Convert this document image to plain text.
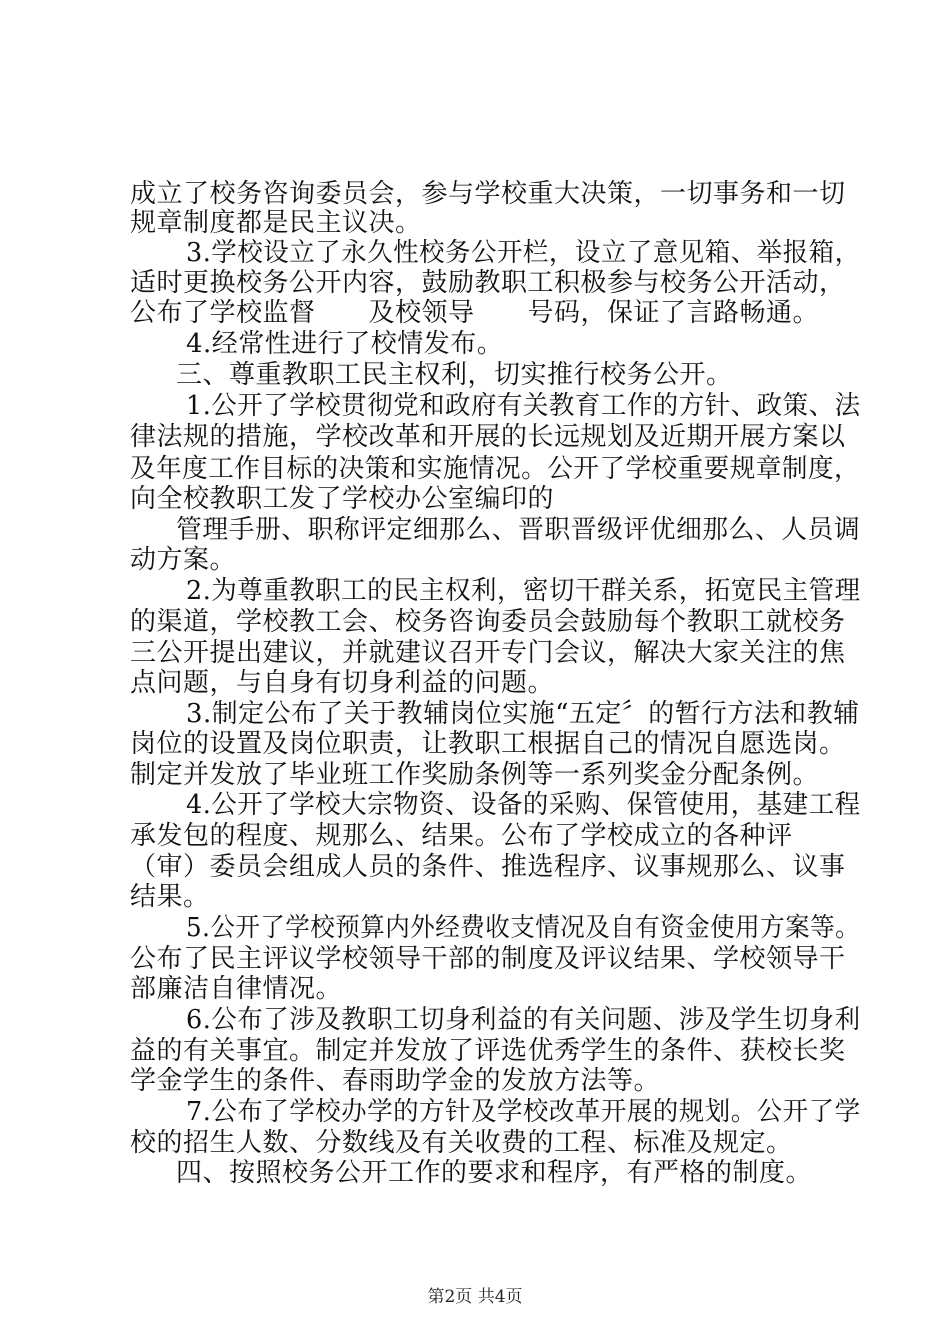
成立了校务咨询委员会，参与学校重大决策，一切事务和一切

规章制度都是民主议决。

3.学校设立了永久性校务公开栏，设立了意见箱、举报箱，

适时更换校务公开内容，鼓励教职工积极参与校务公开活动，

公布了学校监督　　及校领导　　号码，保证了言路畅通。

4.经常性进行了校情发布。

三、尊重教职工民主权利，切实推行校务公开。

1.公开了学校贯彻党和政府有关教育工作的方针、政策、法

律法规的措施，学校改革和开展的长远规划及近期开展方案以

及年度工作目标的决策和实施情况。公开了学校重要规章制度，

向全校教职工发了学校办公室编印的

管理手册、职称评定细那么、晋职晋级评优细那么、人员调

动方案。

2.为尊重教职工的民主权利，密切干群关系，拓宽民主管理

的渠道，学校教工会、校务咨询委员会鼓励每个教职工就校务

三公开提出建议，并就建议召开专门会议，解决大家关注的焦

点问题，与自身有切身利益的问题。

3.制定公布了关于教辅岗位实施“五定〞的暂行方法和教辅

岗位的设置及岗位职责，让教职工根据自己的情况自愿选岗。

制定并发放了毕业班工作奖励条例等一系列奖金分配条例。

4.公开了学校大宗物资、设备的采购、保管使用，基建工程

承发包的程度、规那么、结果。公布了学校成立的各种评

（审）委员会组成人员的条件、推选程序、议事规那么、议事

结果。

5.公开了学校预算内外经费收支情况及自有资金使用方案等。

公布了民主评议学校领导干部的制度及评议结果、学校领导干

部廉洁自律情况。

6.公布了涉及教职工切身利益的有关问题、涉及学生切身利

益的有关事宜。制定并发放了评选优秀学生的条件、获校长奖

学金学生的条件、春雨助学金的发放方法等。

7.公布了学校办学的方针及学校改革开展的规划。公开了学

校的招生人数、分数线及有关收费的工程、标准及规定。

四、按照校务公开工作的要求和程序，有严格的制度。

第2页 共4页
